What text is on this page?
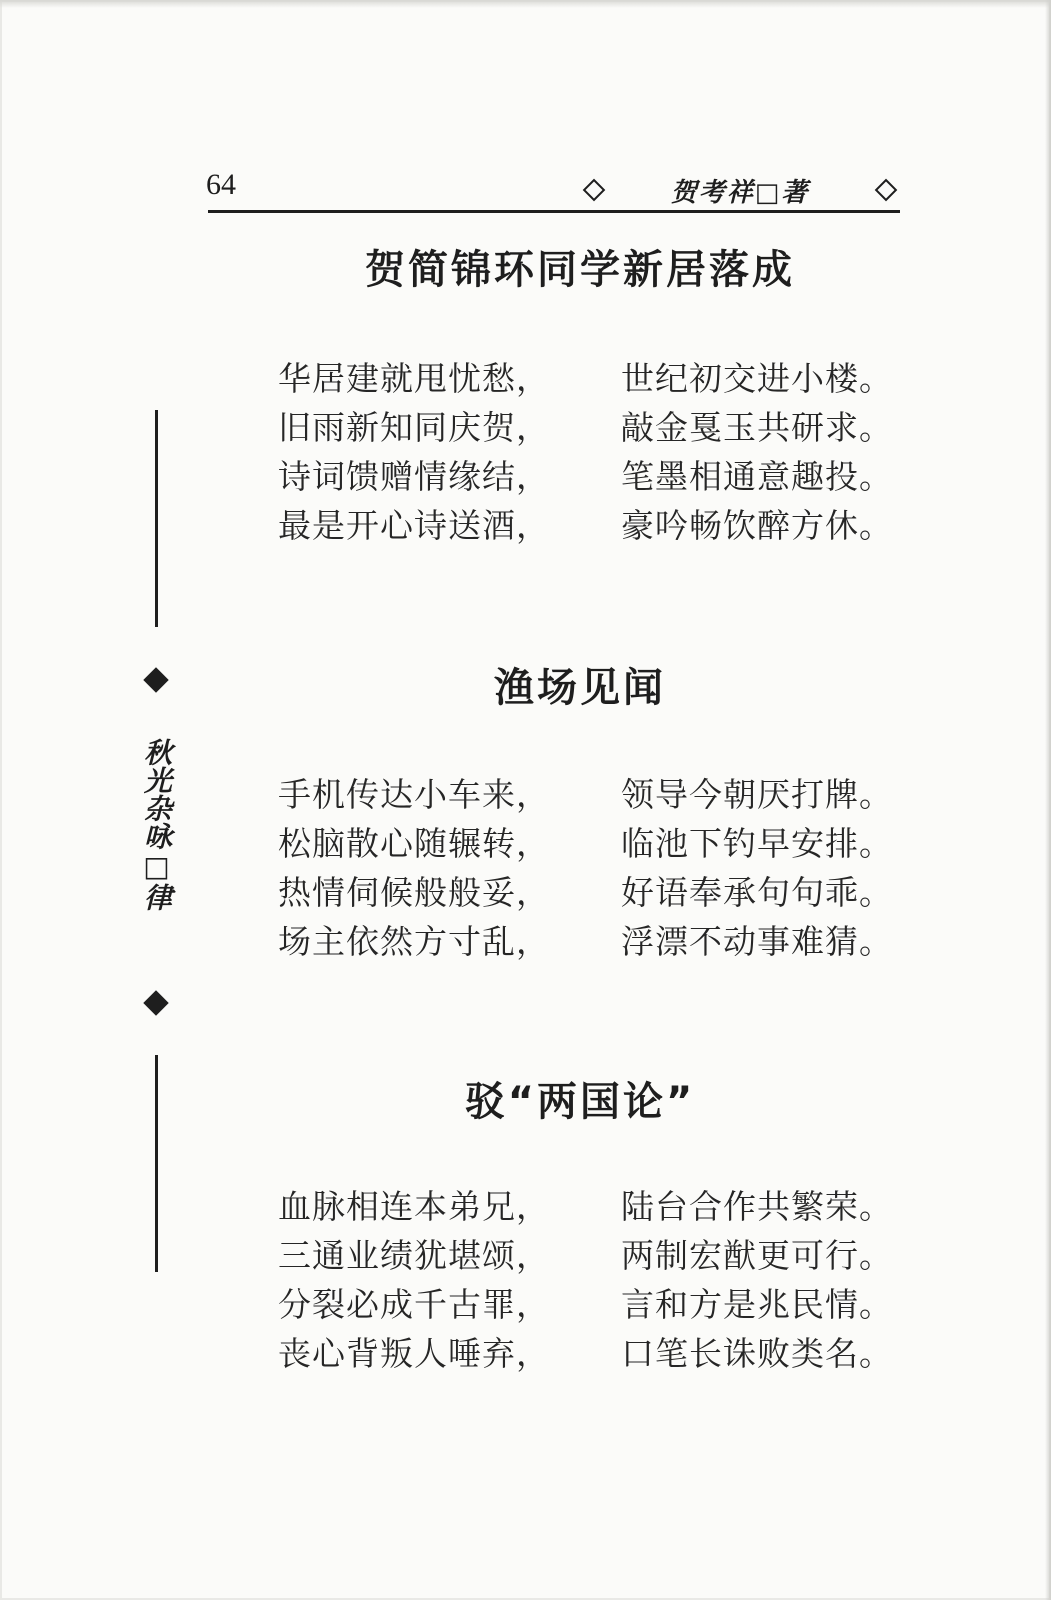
64	贺考祥□著
秋光杂咏□律
贺简锦环同学新居落成
华居建就甩忧愁，	世纪初交进小楼。
旧雨新知同庆贺，	敲金戛玉共研求。
诗词馈赠情缘结，	笔墨相通意趣投。
最是开心诗送酒，	豪吟畅饮醉方休。
渔场见闻
手机传达小车来，	领导今朝厌打牌。
松脑散心随辗转，	临池下钓早安排。
热情伺候般般妥，	好语奉承句句乖。
场主依然方寸乱，	浮漂不动事难猜。
驳“两国论”
血脉相连本弟兄，	陆台合作共繁荣。
三通业绩犹堪颂，	两制宏猷更可行。
分裂必成千古罪，	言和方是兆民情。
丧心背叛人唾弃，	口笔长诛败类名。
